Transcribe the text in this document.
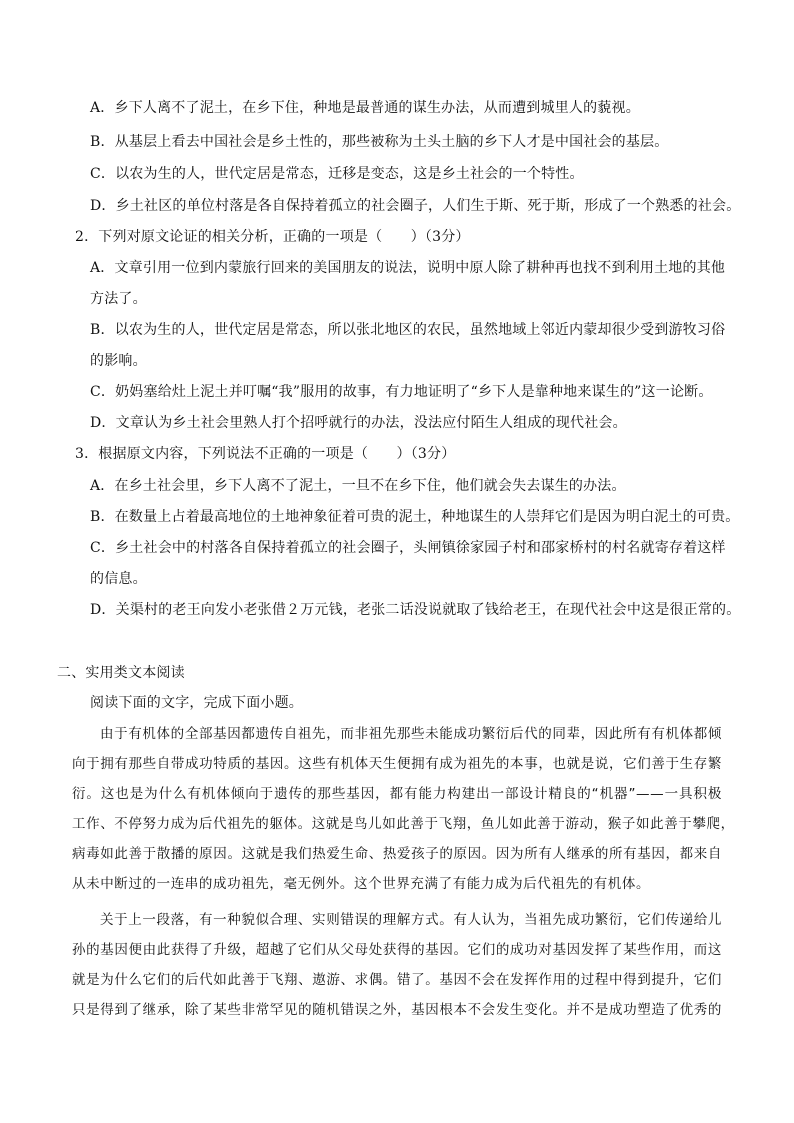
A．乡下人离不了泥土，在乡下住，种地是最普通的谋生办法，从而遭到城里人的藐视。
B．从基层上看去中国社会是乡土性的，那些被称为土头土脑的乡下人才是中国社会的基层。
C．以农为生的人，世代定居是常态，迁移是变态，这是乡土社会的一个特性。
D．乡土社区的单位村落是各自保持着孤立的社会圈子，人们生于斯、死于斯，形成了一个熟悉的社会。
2．下列对原文论证的相关分析，正确的一项是（　　）（3分）
A．文章引用一位到内蒙旅行回来的美国朋友的说法，说明中原人除了耕种再也找不到利用土地的其他
方法了。
B．以农为生的人，世代定居是常态，所以张北地区的农民，虽然地域上邻近内蒙却很少受到游牧习俗
的影响。
C．奶妈塞给灶上泥土并叮嘱“我”服用的故事，有力地证明了“乡下人是靠种地来谋生的”这一论断。
D．文章认为乡土社会里熟人打个招呼就行的办法，没法应付陌生人组成的现代社会。
3．根据原文内容，下列说法不正确的一项是（　　）（3分）
A．在乡土社会里，乡下人离不了泥土，一旦不在乡下住，他们就会失去谋生的办法。
B．在数量上占着最高地位的土地神象征着可贵的泥土，种地谋生的人崇拜它们是因为明白泥土的可贵。
C．乡土社会中的村落各自保持着孤立的社会圈子，头闸镇徐家园子村和邵家桥村的村名就寄存着这样
的信息。
D．关渠村的老王向发小老张借２万元钱，老张二话没说就取了钱给老王，在现代社会中这是很正常的。
二、实用类文本阅读
阅读下面的文字，完成下面小题。
由于有机体的全部基因都遗传自祖先，而非祖先那些未能成功繁衍后代的同辈，因此所有有机体都倾
向于拥有那些自带成功特质的基因。这些有机体天生便拥有成为祖先的本事，也就是说，它们善于生存繁
衍。这也是为什么有机体倾向于遗传的那些基因，都有能力构建出一部设计精良的“机器”——一具积极
工作、不停努力成为后代祖先的躯体。这就是鸟儿如此善于飞翔，鱼儿如此善于游动，猴子如此善于攀爬，
病毒如此善于散播的原因。这就是我们热爱生命、热爱孩子的原因。因为所有人继承的所有基因，都来自
从未中断过的一连串的成功祖先，毫无例外。这个世界充满了有能力成为后代祖先的有机体。
关于上一段落，有一种貌似合理、实则错误的理解方式。有人认为，当祖先成功繁衍，它们传递给儿
孙的基因便由此获得了升级，超越了它们从父母处获得的基因。它们的成功对基因发挥了某些作用，而这
就是为什么它们的后代如此善于飞翔、遨游、求偶。错了。基因不会在发挥作用的过程中得到提升，它们
只是得到了继承，除了某些非常罕见的随机错误之外，基因根本不会发生变化。并不是成功塑造了优秀的
